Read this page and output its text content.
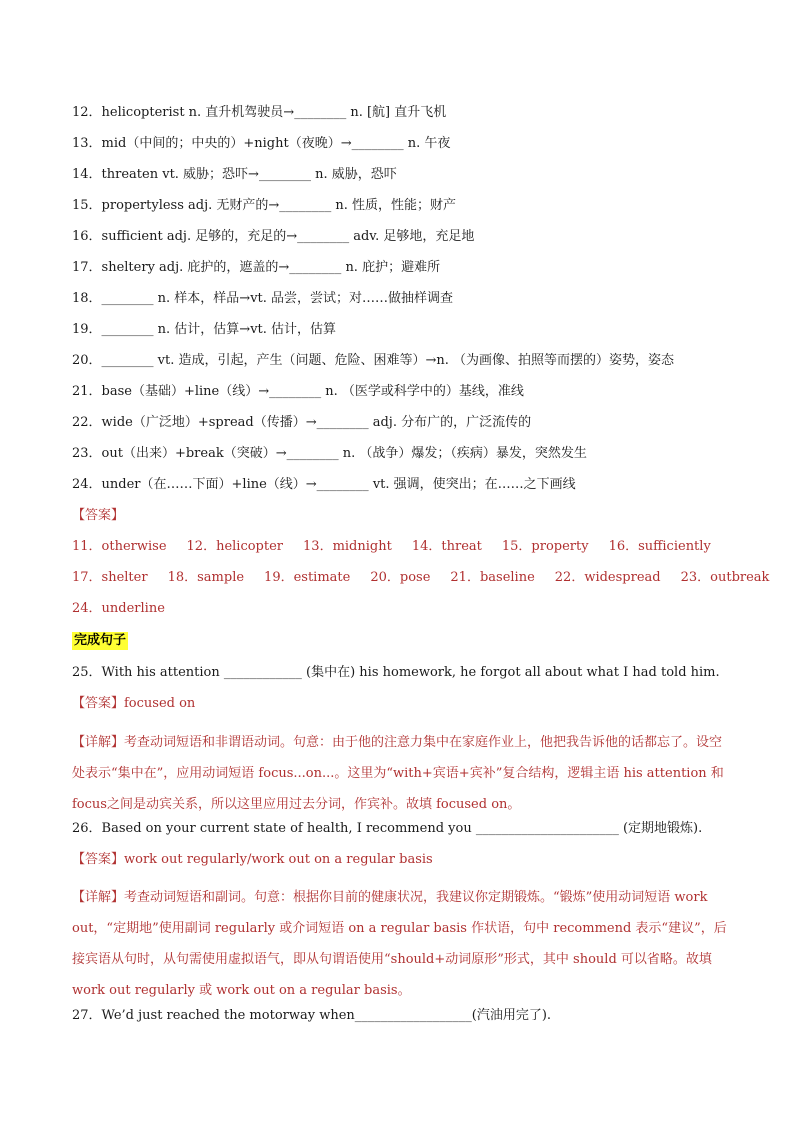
12．helicopterist n. 直升机驾驶员→________ n. [航] 直升飞机
13．mid（中间的；中央的）+night（夜晚）→________ n. 午夜
14．threaten vt. 威胁；恐吓→________ n. 威胁，恐吓
15．propertyless adj. 无财产的→________ n. 性质，性能；财产
16．sufficient adj. 足够的，充足的→________ adv. 足够地，充足地
17．sheltery adj. 庇护的，遮盖的→________ n. 庇护；避难所
18．________ n. 样本，样品→vt. 品尝，尝试；对……做抽样调查
19．________ n. 估计，估算→vt. 估计，估算
20．________ vt. 造成，引起，产生（问题、危险、困难等）→n. （为画像、拍照等而摆的）姿势，姿态
21．base（基础）+line（线）→________ n. （医学或科学中的）基线，准线
22．wide（广泛地）+spread（传播）→________ adj. 分布广的，广泛流传的
23．out（出来）+break（突破）→________ n. （战争）爆发；（疾病）暴发，突然发生
24．under（在……下面）+line（线）→________ vt. 强调，使突出；在……之下画线
【答案】
11．otherwise 12．helicopter 13．midnight 14．threat 15．property 16．sufficiently
17．shelter 18．sample 19．estimate 20．pose 21．baseline 22．widespread 23．outbreak
24．underline
完成句子
25．With his attention ____________ (集中在) his homework, he forgot all about what I had told him.
【答案】focused on
【详解】考查动词短语和非谓语动词。句意：由于他的注意力集中在家庭作业上，他把我告诉他的话都忘了。设空处表示“集中在”，应用动词短语 focus...on...。这里为“with+宾语+宾补”复合结构，逻辑主语 his attention 和 focus之间是动宾关系，所以这里应用过去分词，作宾补。故填 focused on。
26．Based on your current state of health, I recommend you ______________________ (定期地锻炼).
【答案】work out regularly/work out on a regular basis
【详解】考查动词短语和副词。句意：根据你目前的健康状况，我建议你定期锻炼。“锻炼”使用动词短语 work out，“定期地”使用副词 regularly 或介词短语 on a regular basis 作状语，句中 recommend 表示“建议”，后接宾语从句时，从句需使用虚拟语气，即从句谓语使用“should+动词原形”形式，其中 should 可以省略。故填 work out regularly 或 work out on a regular basis。
27．We’d just reached the motorway when__________________(汽油用完了).
